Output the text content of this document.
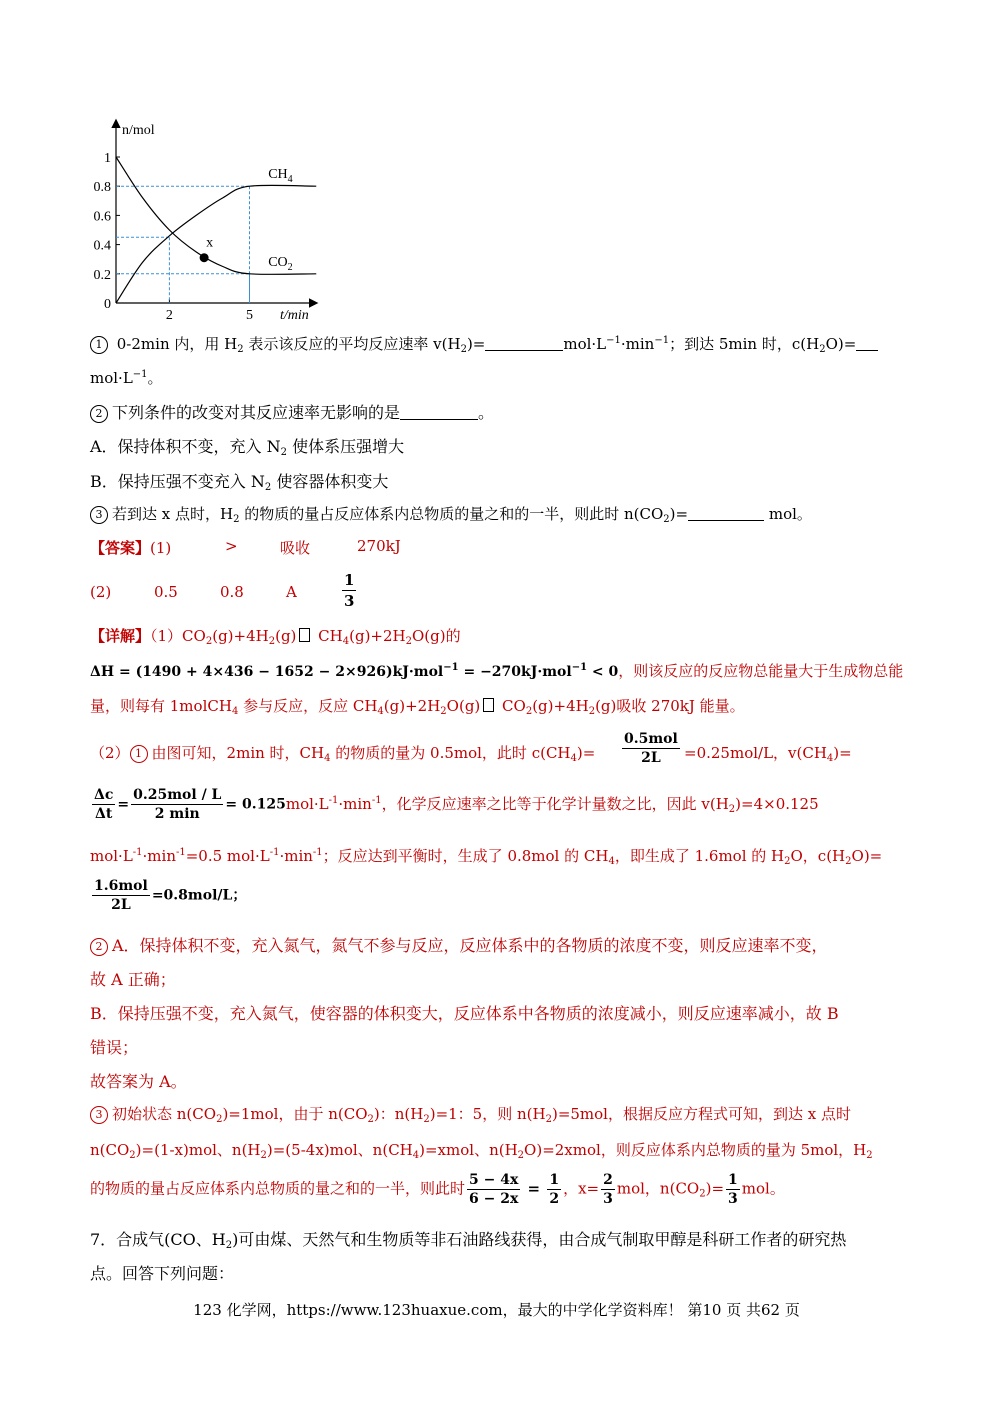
0
0.2
0.4
0.6
0.8
1
2	5
n/mol
t/min
$CH_4$
$CO_2$
x
1 0-2min 内，用 $H_2$ 表示该反应的平均反应速率 $v(H_2)=$	$mol\cdot L^{-1}\cdot\min^{-1}$；到达 5min 时，$c(H_2O)=$
$mol\cdot L^{-1}$。
2 下列条件的改变对其反应速率无影响的是	。
A．保持体积不变，充入 $N_2$ 使体系压强增大
B．保持压强不变充入 $N_2$ 使容器体积变大
3 若到达 x 点时，$H_2$ 的物质的量占反应体系内总物质的量之和的一半，则此时 $n(CO_2)=$	mol。
【答案】(1)	>	吸收	270kJ
(2)	0.5	0.8	A	$\frac{1}{3}$
【详解】$(1)CO_2(g)+4H_2(g)$ $CH_4(g)+2H_2O(g)$的
ΔH = (1490 + 4×436 − 1652 − 2×926)kJ·mol$^{-1}$ = −270kJ·mol$^{-1}$ < 0，则该反应的反应物总能量大于生成物总能
量，则每有 1molCH$_4$ 参与反应，反应 $CH_4(g)+2H_2O(g)$ $CO_2(g)+4H_2(g)$吸收 270kJ 能量。
（2） 1 由图可知，2min 时，$CH_4$ 的物质的量为 0.5mol，此时 $c(CH_4)= \frac{\text{0.5mol}}{2L} =0.25mol/L$，$v(CH_4)=$
$\frac{\Delta c}{\Delta t} = \frac{\text{0.25mol / L}}{2 \min} = 0.125mol\cdot L^{-1}\cdot\min^{-1}$，化学反应速率之比等于化学计量数之比，因此 $v(H_2)=4\times 0.125$
$mol\cdot L^{-1}\cdot\min^{-1}=0.5$ $mol\cdot L^{-1}\cdot\min^{-1}$；反应达到平衡时，生成了 0.8mol 的 $CH_4$，即生成了 1.6mol 的 $H_2O$，$c(H_2O)=$
$\frac{\text{1.6mol}}{2L} =0.8mol/L$；
2 A．保持体积不变，充入氮气，氮气不参与反应，反应体系中的各物质的浓度不变，则反应速率不变，
故 A 正确；
B．保持压强不变，充入氮气，使容器的体积变大，反应体系中各物质的浓度减小，则反应速率减小，故 B
错误；
故答案为 A。
3 初始状态 $n(CO_2)=1mol$，由于 $n(CO_2)$：$n(H_2)=1$：5，则 $n(H_2)=5mol$，根据反应方程式可知，到达 x 点时
$n(CO_2)=(1-x)mol$、$n(H_2)=(5-4x)mol$、$n(CH_4)=xmol$、$n(H_2O)=2xmol$，则反应体系内总物质的量为 5mol，$H_2$
的物质的量占反应体系内总物质的量之和的一半，则此时 $\frac{5 - 4x}{6 - 2x} = \frac{1}{2}$ ，$x= \frac{2}{3}$ mol，$n(CO_2)= \frac{1}{3}$ mol。
7．合成气(CO、$H_2$)可由煤、天然气和生物质等非石油路线获得，由合成气制取甲醇是科研工作者的研究热
点。回答下列问题：
123 化学网，https://www.123huaxue.com，最大的中学化学资料库！ 第10 页 共62 页
